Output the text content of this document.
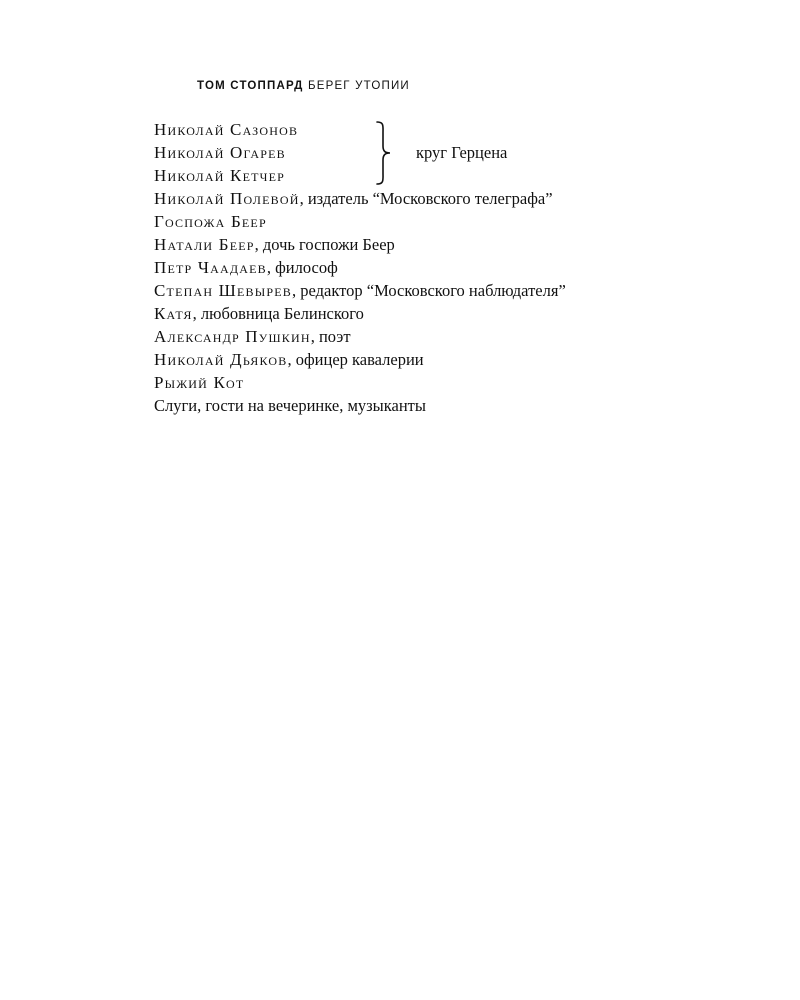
ТОМ СТОППАРД БЕРЕГ УТОПИИ
Николай Сазонов
Николай Огарев
Николай Кетчер
круг Герцена
Николай Полевой, издатель “Московского телеграфа”
Госпожа Беер
Натали Беер, дочь госпожи Беер
Петр Чаадаев, философ
Степан Шевырев, редактор “Московского наблюдателя”
Катя, любовница Белинского
Александр Пушкин, поэт
Николай Дьяков, офицер кавалерии
Рыжий Кот
Слуги, гости на вечеринке, музыканты
